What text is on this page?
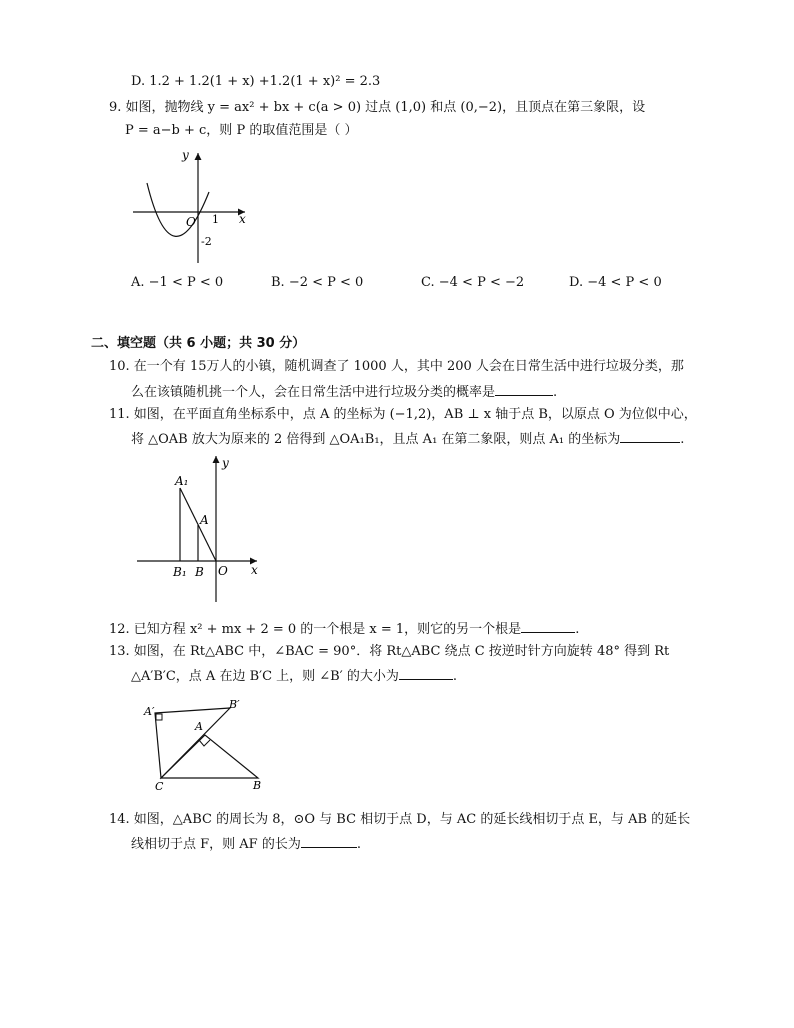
D. 1.2 + 1.2(1 + x) +1.2(1 + x)² = 2.3
9. 如图，抛物线 y = ax² + bx + c(a > 0) 过点 (1,0) 和点 (0,−2)，且顶点在第三象限，设
P = a−b + c，则 P 的取值范围是（ ）
y
x
O 1
-2
A. −1 < P < 0	B. −2 < P < 0	C. −4 < P < −2	D. −4 < P < 0
二、填空题（共 6 小题；共 30 分）
10. 在一个有 15万人的小镇，随机调查了 1000 人，其中 200 人会在日常生活中进行垃圾分类，那
么在该镇随机挑一个人，会在日常生活中进行垃圾分类的概率是	.
11. 如图，在平面直角坐标系中，点 A 的坐标为 (−1,2)，AB ⊥ x 轴于点 B，以原点 O 为位似中心，
将 △OAB 放大为原来的 2 倍得到 △OA₁B₁，且点 A₁ 在第二象限，则点 A₁ 的坐标为	.
y
x
A₁
A
B₁ B O
12. 已知方程 x² + mx + 2 = 0 的一个根是 x = 1，则它的另一个根是	.
13. 如图，在 Rt△ABC 中，∠BAC = 90°．将 Rt△ABC 绕点 C 按逆时针方向旋转 48° 得到 Rt
△A′B′C，点 A 在边 B′C 上，则 ∠B′ 的大小为	.
A′
B′
A
C	B
14. 如图，△ABC 的周长为 8，⊙O 与 BC 相切于点 D，与 AC 的延长线相切于点 E，与 AB 的延长
线相切于点 F，则 AF 的长为	.
